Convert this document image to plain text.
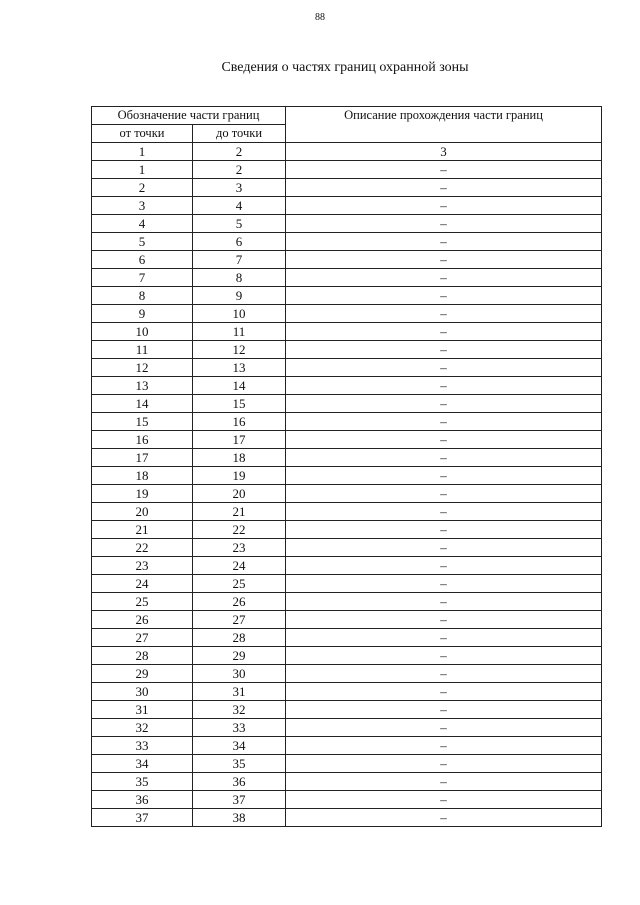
88
Сведения о частях границ охранной зоны
Обозначение части границ		Описание прохождения части границ
от точки	до точки	
1	2	3
1	2	–
2	3	–
3	4	–
4	5	–
5	6	–
6	7	–
7	8	–
8	9	–
9	10	–
10	11	–
11	12	–
12	13	–
13	14	–
14	15	–
15	16	–
16	17	–
17	18	–
18	19	–
19	20	–
20	21	–
21	22	–
22	23	–
23	24	–
24	25	–
25	26	–
26	27	–
27	28	–
28	29	–
29	30	–
30	31	–
31	32	–
32	33	–
33	34	–
34	35	–
35	36	–
36	37	–
37	38	–
